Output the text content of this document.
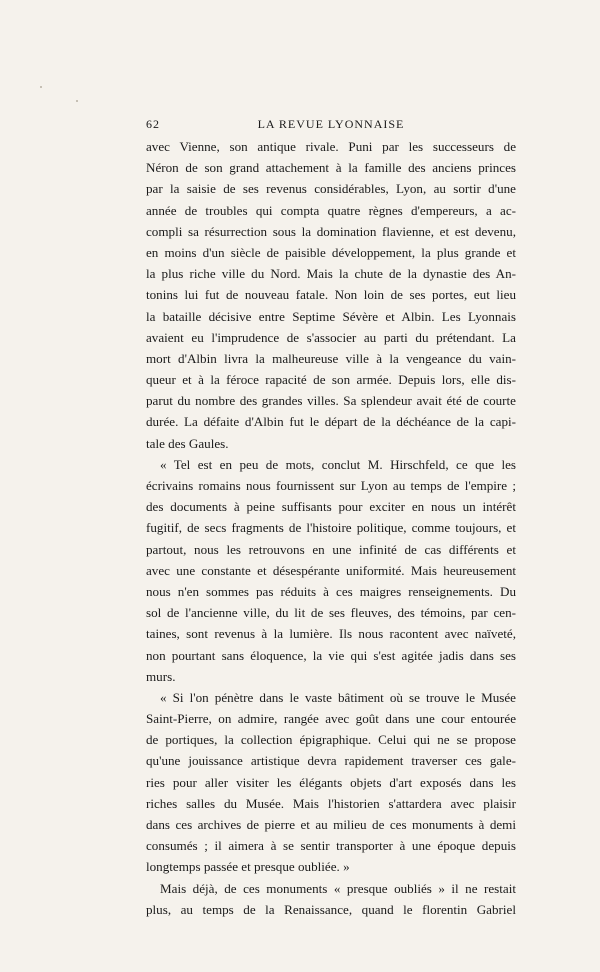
62	LA REVUE LYONNAISE
avec Vienne, son antique rivale. Puni par les successeurs de
Néron de son grand attachement à la famille des anciens princes
par la saisie de ses revenus considérables, Lyon, au sortir d'une
année de troubles qui compta quatre règnes d'empereurs, a ac-
compli sa résurrection sous la domination flavienne, et est devenu,
en moins d'un siècle de paisible développement, la plus grande et
la plus riche ville du Nord. Mais la chute de la dynastie des An-
tonins lui fut de nouveau fatale. Non loin de ses portes, eut lieu
la bataille décisive entre Septime Sévère et Albin. Les Lyonnais
avaient eu l'imprudence de s'associer au parti du prétendant. La
mort d'Albin livra la malheureuse ville à la vengeance du vain-
queur et à la féroce rapacité de son armée. Depuis lors, elle dis-
parut du nombre des grandes villes. Sa splendeur avait été de courte
durée. La défaite d'Albin fut le départ de la déchéance de la capi-
tale des Gaules.
« Tel est en peu de mots, conclut M. Hirschfeld, ce que les
écrivains romains nous fournissent sur Lyon au temps de l'empire ;
des documents à peine suffisants pour exciter en nous un intérêt
fugitif, de secs fragments de l'histoire politique, comme toujours, et
partout, nous les retrouvons en une infinité de cas différents et
avec une constante et désespérante uniformité. Mais heureusement
nous n'en sommes pas réduits à ces maigres renseignements. Du
sol de l'ancienne ville, du lit de ses fleuves, des témoins, par cen-
taines, sont revenus à la lumière. Ils nous racontent avec naïveté,
non pourtant sans éloquence, la vie qui s'est agitée jadis dans ses
murs.
« Si l'on pénètre dans le vaste bâtiment où se trouve le Musée
Saint-Pierre, on admire, rangée avec goût dans une cour entourée
de portiques, la collection épigraphique. Celui qui ne se propose
qu'une jouissance artistique devra rapidement traverser ces gale-
ries pour aller visiter les élégants objets d'art exposés dans les
riches salles du Musée. Mais l'historien s'attardera avec plaisir
dans ces archives de pierre et au milieu de ces monuments à demi
consumés ; il aimera à se sentir transporter à une époque depuis
longtemps passée et presque oubliée. »
Mais déjà, de ces monuments « presque oubliés » il ne restait
plus, au temps de la Renaissance, quand le florentin Gabriel
